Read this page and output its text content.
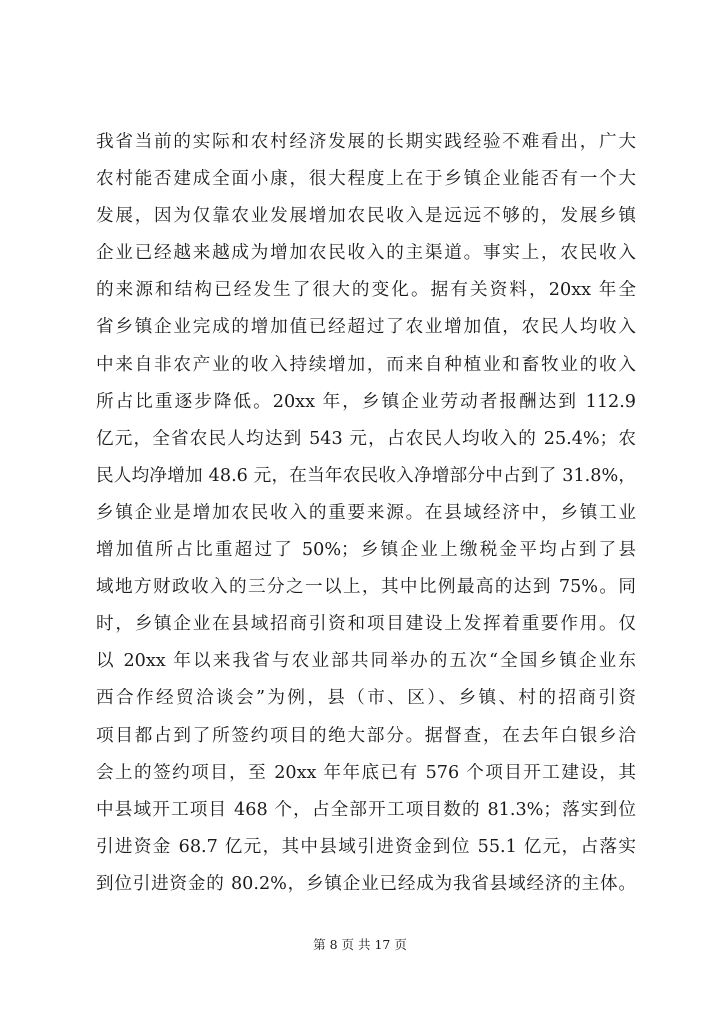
我省当前的实际和农村经济发展的长期实践经验不难看出，广大
农村能否建成全面小康，很大程度上在于乡镇企业能否有一个大
发展，因为仅靠农业发展增加农民收入是远远不够的，发展乡镇
企业已经越来越成为增加农民收入的主渠道。事实上，农民收入
的来源和结构已经发生了很大的变化。据有关资料，20xx 年全
省乡镇企业完成的增加值已经超过了农业增加值，农民人均收入
中来自非农产业的收入持续增加，而来自种植业和畜牧业的收入
所占比重逐步降低。20xx 年，乡镇企业劳动者报酬达到 112.9
亿元，全省农民人均达到 543 元，占农民人均收入的 25.4%；农
民人均净增加 48.6 元，在当年农民收入净增部分中占到了 31.8%，
乡镇企业是增加农民收入的重要来源。在县域经济中，乡镇工业
增加值所占比重超过了 50%；乡镇企业上缴税金平均占到了县
域地方财政收入的三分之一以上，其中比例最高的达到 75%。同
时，乡镇企业在县域招商引资和项目建设上发挥着重要作用。仅
以 20xx 年以来我省与农业部共同举办的五次“全国乡镇企业东
西合作经贸洽谈会”为例，县（市、区）、乡镇、村的招商引资
项目都占到了所签约项目的绝大部分。据督查，在去年白银乡洽
会上的签约项目，至 20xx 年年底已有 576 个项目开工建设，其
中县域开工项目 468 个，占全部开工项目数的 81.3%；落实到位
引进资金 68.7 亿元，其中县域引进资金到位 55.1 亿元，占落实
到位引进资金的 80.2%，乡镇企业已经成为我省县域经济的主体。
第 8 页 共 17 页
